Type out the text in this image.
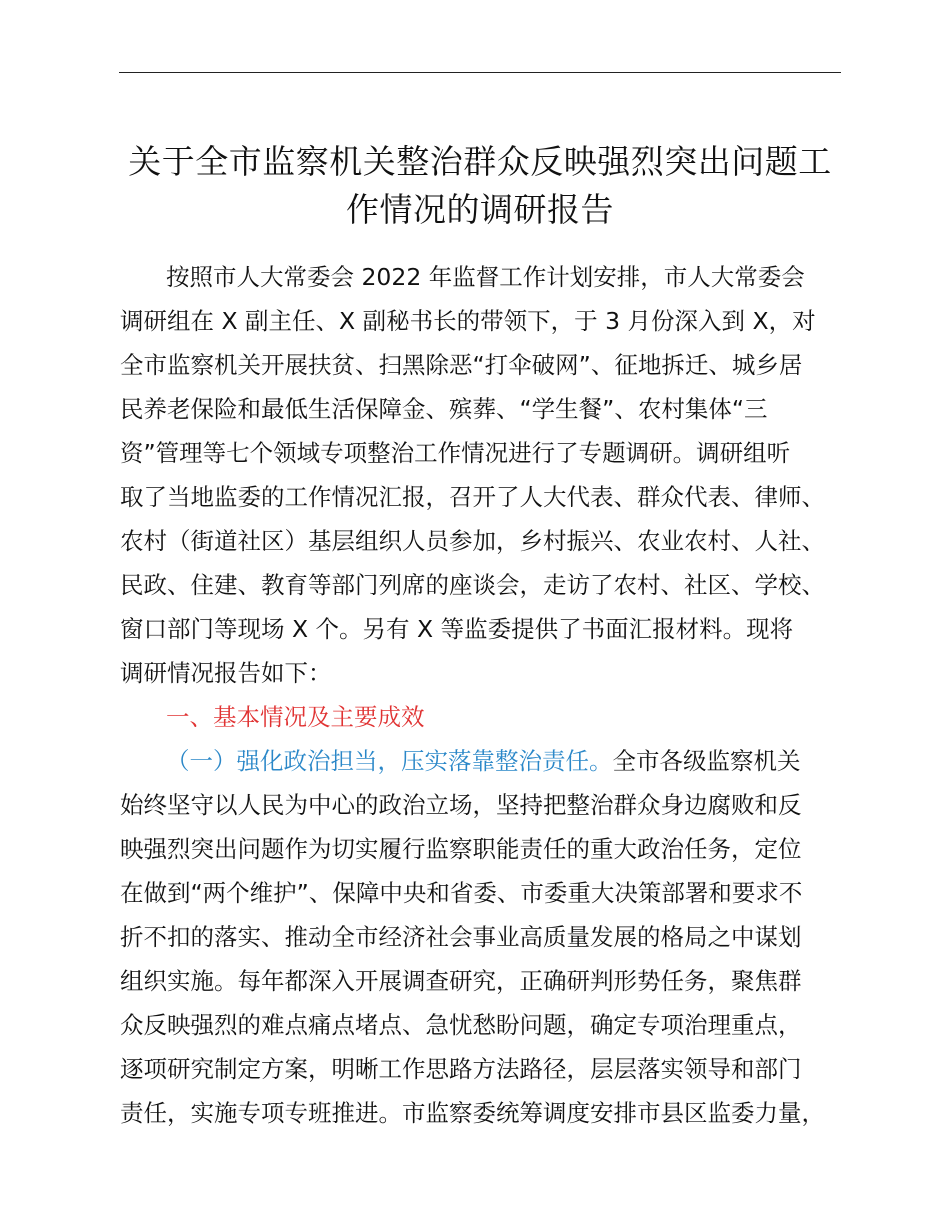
关于全市监察机关整治群众反映强烈突出问题工
作情况的调研报告
按照市人大常委会 2022 年监督工作计划安排，市人大常委会
调研组在 X 副主任、X 副秘书长的带领下，于 3 月份深入到 X，对
全市监察机关开展扶贫、扫黑除恶“打伞破网”、征地拆迁、城乡居
民养老保险和最低生活保障金、殡葬、“学生餐”、农村集体“三
资”管理等七个领域专项整治工作情况进行了专题调研。调研组听
取了当地监委的工作情况汇报，召开了人大代表、群众代表、律师、
农村（街道社区）基层组织人员参加，乡村振兴、农业农村、人社、
民政、住建、教育等部门列席的座谈会，走访了农村、社区、学校、
窗口部门等现场 X 个。另有 X 等监委提供了书面汇报材料。现将
调研情况报告如下：
一、基本情况及主要成效
（一）强化政治担当，压实落靠整治责任。全市各级监察机关
始终坚守以人民为中心的政治立场，坚持把整治群众身边腐败和反
映强烈突出问题作为切实履行监察职能责任的重大政治任务，定位
在做到“两个维护”、保障中央和省委、市委重大决策部署和要求不
折不扣的落实、推动全市经济社会事业高质量发展的格局之中谋划
组织实施。每年都深入开展调查研究，正确研判形势任务，聚焦群
众反映强烈的难点痛点堵点、急忧愁盼问题，确定专项治理重点，
逐项研究制定方案，明晰工作思路方法路径，层层落实领导和部门
责任，实施专项专班推进。市监察委统筹调度安排市县区监委力量，
